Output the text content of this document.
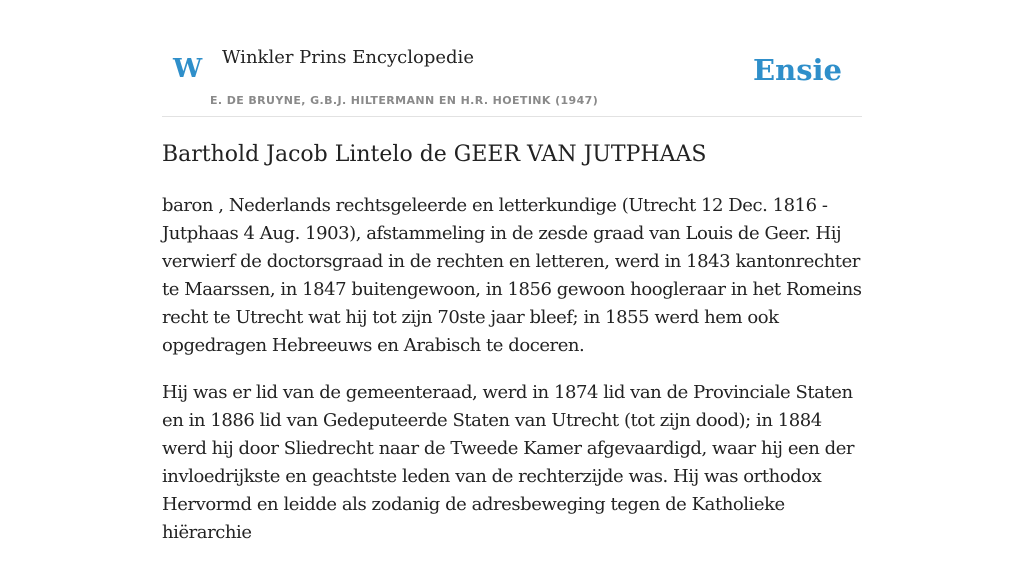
W Winkler Prins Encyclopedie
E. DE BRUYNE, G.B.J. HILTERMANN EN H.R. HOETINK (1947)
Ensie
Barthold Jacob Lintelo de GEER VAN JUTPHAAS

baron , Nederlands rechtsgeleerde en letterkundige (Utrecht 12 Dec. 1816 - Jutphaas 4 Aug. 1903), afstammeling in de zesde graad van Louis de Geer. Hij verwierf de doctorsgraad in de rechten en letteren, werd in 1843 kantonrechter te Maarssen, in 1847 buitengewoon, in 1856 gewoon hoogleraar in het Romeins recht te Utrecht wat hij tot zijn 70ste jaar bleef; in 1855 werd hem ook opgedragen Hebreeuws en Arabisch te doceren.

Hij was er lid van de gemeenteraad, werd in 1874 lid van de Provinciale Staten en in 1886 lid van Gedeputeerde Staten van Utrecht (tot zijn dood); in 1884 werd hij door Sliedrecht naar de Tweede Kamer afgevaardigd, waar hij een der invloedrijkste en geachtste leden van de rechterzijde was. Hij was orthodox Hervormd en leidde als zodanig de adresbeweging tegen de Katholieke hiërarchie
